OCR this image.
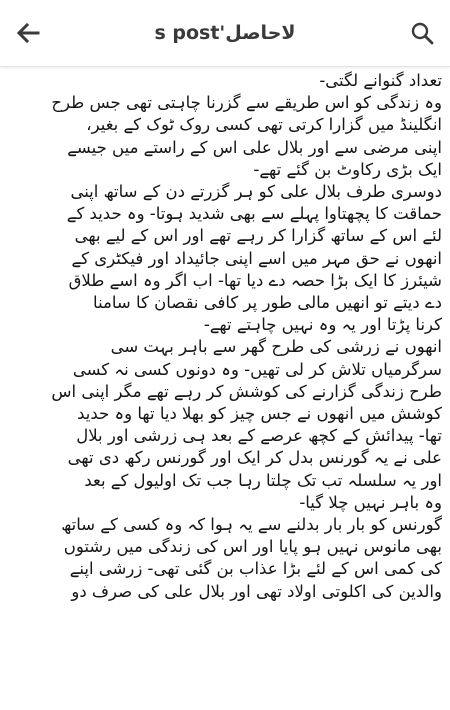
لاحاصل's post
تعداد گنوانے لگتی-
وہ زندگی کو اس طریقے سے گزرنا چاہتی تھی جس طرح
انگلینڈ میں گزارا کرتی تھی کسی روک ٹوک کے بغیر،
اپنی مرضی سے اور بلال علی اس کے راستے میں جیسے
ایک بڑی رکاوٹ بن گئے تھے-
دوسری طرف بلال علی کو ہر گزرتے دن کے ساتھ اپنی
حماقت کا پچھتاوا پہلے سے بھی شدید ہوتا- وہ حدید کے
لئے اس کے ساتھ گزارا کر رہے تھے اور اس کے لیے بھی
انھوں نے حق مہر میں اسے اپنی جائیداد اور فیکٹری کے
شیئرز کا ایک بڑا حصہ دے دیا تھا- اب اگر وہ اسے طلاق
دے دیتے تو انھیں مالی طور پر کافی نقصان کا سامنا
کرنا پڑتا اور یہ وہ نہیں چاہتے تھے-
انھوں نے زرشی کی طرح گھر سے باہر بہت سی
سرگرمیاں تلاش کر لی تھیں- وہ دونوں کسی نہ کسی
طرح زندگی گزارنے کی کوشش کر رہے تھے مگر اپنی اس
کوشش میں انھوں نے جس چیز کو بھلا دیا تھا وہ حدید
تھا- پیدائش کے کچھ عرصے کے بعد ہی زرشی اور بلال
علی نے یہ گورنس بدل کر ایک اور گورنس رکھ دی تھی
اور یہ سلسلہ تب تک چلتا رہا جب تک اولیول کے بعد
وہ باہر نہیں چلا گیا-
گورنس کو بار بار بدلنے سے یہ ہوا کہ وہ کسی کے ساتھ
بھی مانوس نہیں ہو پایا اور اس کی زندگی میں رشتوں
کی کمی اس کے لئے بڑا عذاب بن گئی تھی- زرشی اپنے
والدین کی اکلوتی اولاد تھی اور بلال علی کی صرف دو
